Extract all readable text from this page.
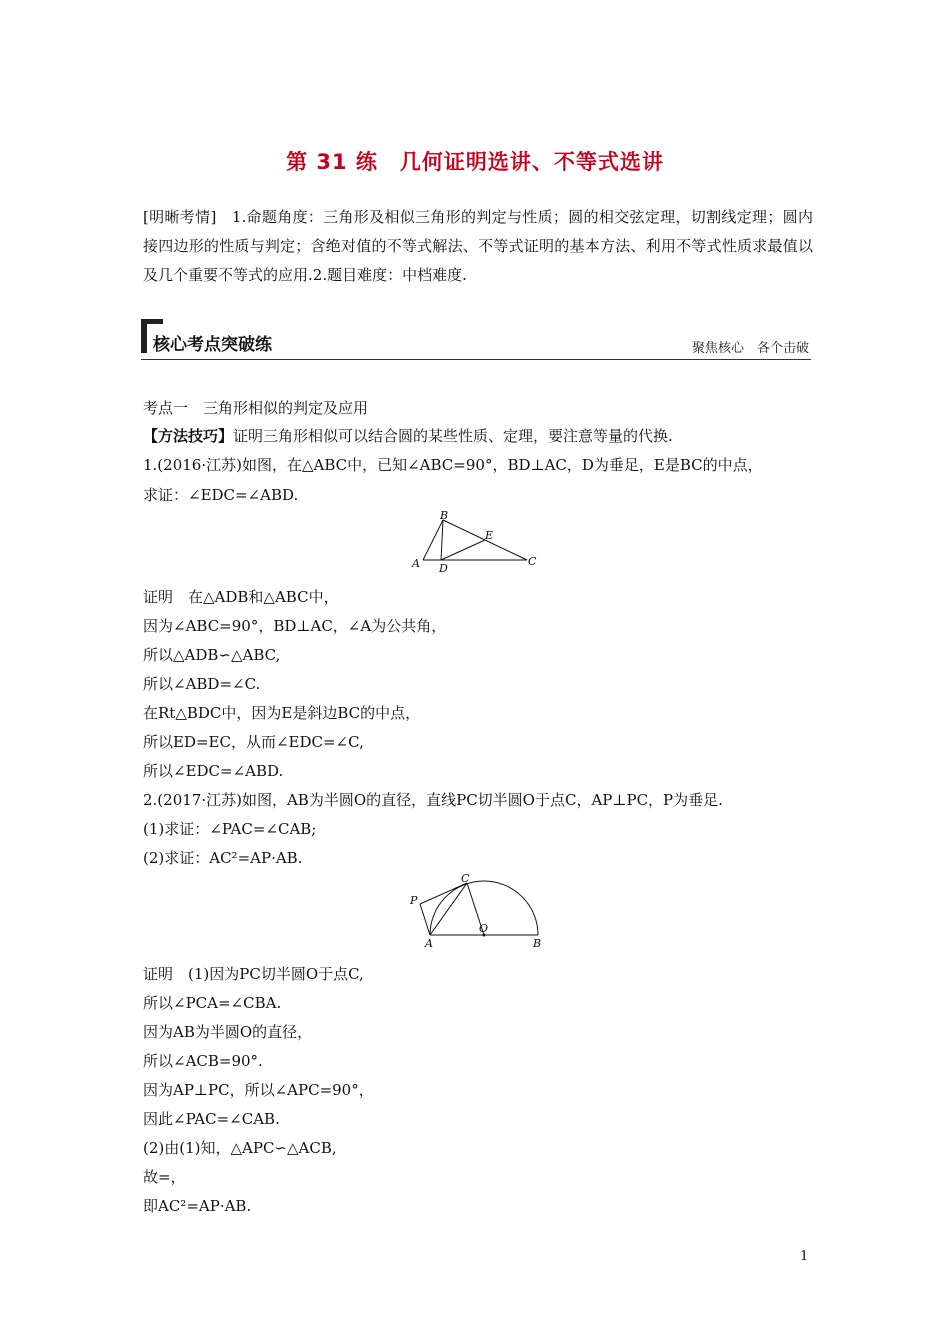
第 31 练　几何证明选讲、不等式选讲
[明晰考情]　1.命题角度：三角形及相似三角形的判定与性质；圆的相交弦定理，切割线定理；圆内接四边形的性质与判定；含绝对值的不等式解法、不等式证明的基本方法、利用不等式性质求最值以及几个重要不等式的应用.2.题目难度：中档难度.
核心考点突破练	聚焦核心　各个击破
考点一　三角形相似的判定及应用
【方法技巧】证明三角形相似可以结合圆的某些性质、定理，要注意等量的代换.
1.(2016·江苏)如图，在△ABC中，已知∠ABC=90°，BD⊥AC，D为垂足，E是BC的中点，
求证：∠EDC=∠ABD.
B
E
C
A D
证明　在△ADB和△ABC中，
因为∠ABC=90°，BD⊥AC，∠A为公共角，
所以△ADB∽△ABC,
所以∠ABD=∠C.
在Rt△BDC中，因为E是斜边BC的中点，
所以ED=EC，从而∠EDC=∠C,
所以∠EDC=∠ABD.
2.(2017·江苏)如图，AB为半圆O的直径，直线PC切半圆O于点C，AP⊥PC，P为垂足.
(1)求证：∠PAC=∠CAB;
(2)求证：AC²=AP·AB.
P
C
A
O
B
证明　(1)因为PC切半圆O于点C,
所以∠PCA=∠CBA.
因为AB为半圆O的直径，
所以∠ACB=90°.
因为AP⊥PC，所以∠APC=90°，
因此∠PAC=∠CAB.
(2)由(1)知，△APC∽△ACB,
故=，
即AC²=AP·AB.
1
